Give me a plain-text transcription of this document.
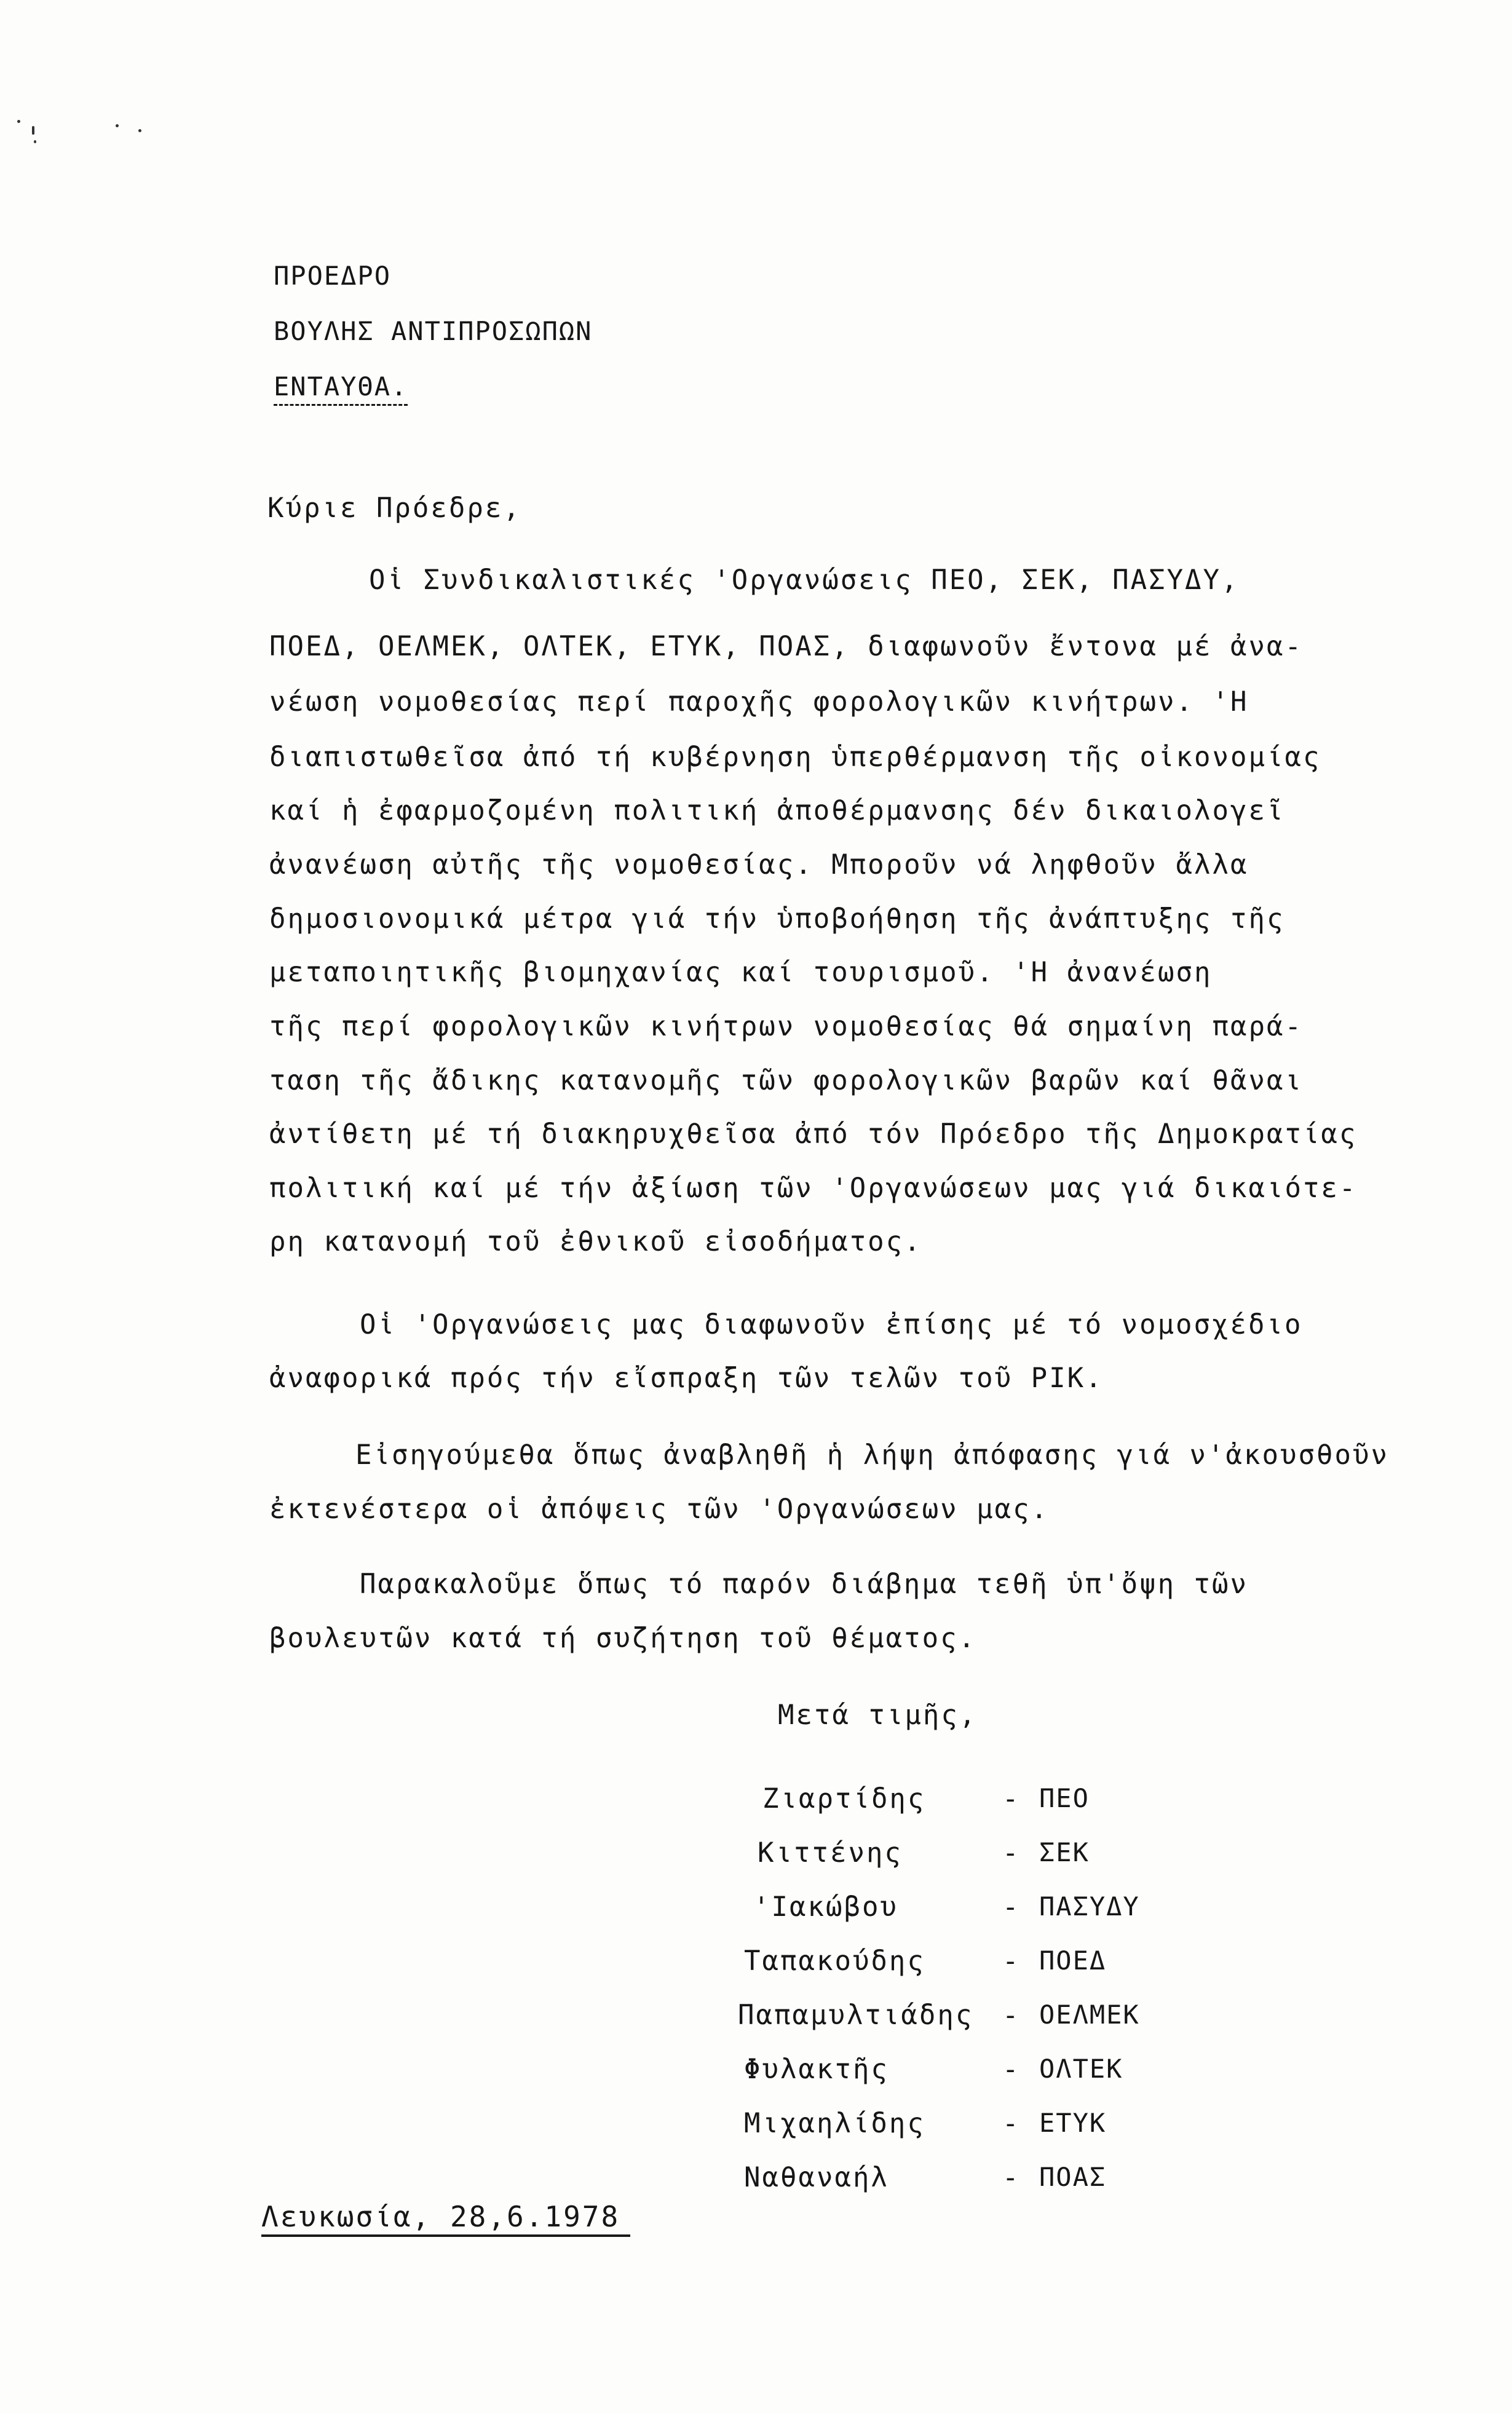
ΠΡΟΕΔΡΟ
ΒΟΥΛΗΣ ΑΝΤΙΠΡΟΣΩΠΩΝ
ΕΝΤΑΥΘΑ.
Κύριε Πρόεδρε,
Οἱ Συνδικαλιστικές 'Οργανώσεις ΠΕΟ, ΣΕΚ, ΠΑΣΥΔΥ,
ΠΟΕΔ, ΟΕΛΜΕΚ, ΟΛΤΕΚ, ΕΤΥΚ, ΠΟΑΣ, διαφωνοῦν ἔντονα μέ ἀνα-
νέωση νομοθεσίας περί παροχῆς φορολογικῶν κινήτρων. 'Η
διαπιστωθεῖσα ἀπό τή κυβέρνηση ὑπερθέρμανση τῆς οἰκονομίας
καί ἡ ἐφαρμοζομένη πολιτική ἀποθέρμανσης δέν δικαιολογεῖ
ἀνανέωση αὐτῆς τῆς νομοθεσίας. Μποροῦν νά ληφθοῦν ἄλλα
δημοσιονομικά μέτρα γιά τήν ὑποβοήθηση τῆς ἀνάπτυξης τῆς
μεταποιητικῆς βιομηχανίας καί τουρισμοῦ. 'Η ἀνανέωση
τῆς περί φορολογικῶν κινήτρων νομοθεσίας θά σημαίνη παρά-
ταση τῆς ἄδικης κατανομῆς τῶν φορολογικῶν βαρῶν καί θᾶναι
ἀντίθετη μέ τή διακηρυχθεῖσα ἀπό τόν Πρόεδρο τῆς Δημοκρατίας
πολιτική καί μέ τήν ἀξίωση τῶν 'Οργανώσεων μας γιά δικαιότε-
ρη κατανομή τοῦ ἐθνικοῦ εἰσοδήματος.
Οἱ 'Οργανώσεις μας διαφωνοῦν ἐπίσης μέ τό νομοσχέδιο
ἀναφορικά πρός τήν εἴσπραξη τῶν τελῶν τοῦ ΡΙΚ.
Εἰσηγούμεθα ὅπως ἀναβληθῆ ἡ λήψη ἀπόφασης γιά ν'ἀκουσθοῦν
ἐκτενέστερα οἱ ἀπόψεις τῶν 'Οργανώσεων μας.
Παρακαλοῦμε ὅπως τό παρόν διάβημα τεθῆ ὑπ'ὄψη τῶν
βουλευτῶν κατά τή συζήτηση τοῦ θέματος.
Μετά τιμῆς,
Ζιαρτίδης	- ΠΕΟ
Κιττένης	- ΣΕΚ
'Ιακώβου	- ΠΑΣΥΔΥ
Ταπακούδης	- ΠΟΕΔ
Παπαμυλτιάδης - ΟΕΛΜΕΚ
Φυλακτῆς	- ΟΛΤΕΚ
Μιχαηλίδης	- ΕΤΥΚ
Ναθαναήλ	- ΠΟΑΣ
Λευκωσία, 28,6.1978
